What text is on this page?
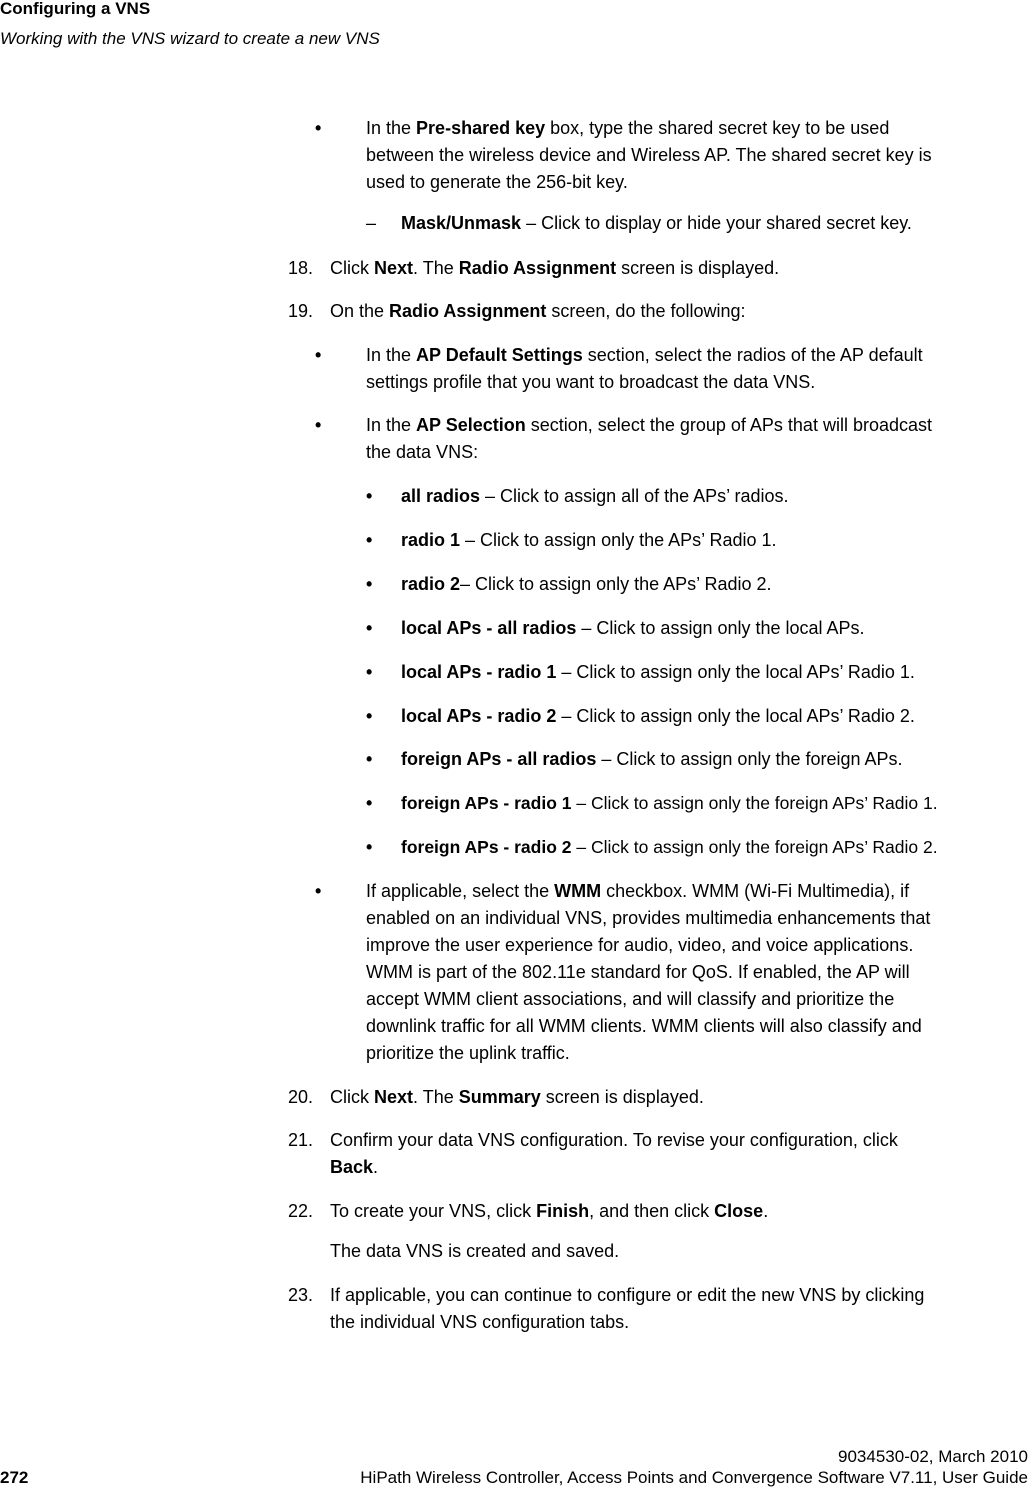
Configuring a VNS
Working with the VNS wizard to create a new VNS
• In the Pre-shared key box, type the shared secret key to be used
between the wireless device and Wireless AP. The shared secret key is
used to generate the 256-bit key.
– Mask/Unmask – Click to display or hide your shared secret key.
18. Click Next. The Radio Assignment screen is displayed.
19. On the Radio Assignment screen, do the following:
• In the AP Default Settings section, select the radios of the AP default
settings profile that you want to broadcast the data VNS.
• In the AP Selection section, select the group of APs that will broadcast
the data VNS:
• all radios – Click to assign all of the APs’ radios.
• radio 1 – Click to assign only the APs’ Radio 1.
• radio 2– Click to assign only the APs’ Radio 2.
• local APs - all radios – Click to assign only the local APs.
• local APs - radio 1 – Click to assign only the local APs’ Radio 1.
• local APs - radio 2 – Click to assign only the local APs’ Radio 2.
• foreign APs - all radios – Click to assign only the foreign APs.
• foreign APs - radio 1 – Click to assign only the foreign APs’ Radio 1.
• foreign APs - radio 2 – Click to assign only the foreign APs’ Radio 2.
• If applicable, select the WMM checkbox. WMM (Wi-Fi Multimedia), if
enabled on an individual VNS, provides multimedia enhancements that
improve the user experience for audio, video, and voice applications.
WMM is part of the 802.11e standard for QoS. If enabled, the AP will
accept WMM client associations, and will classify and prioritize the
downlink traffic for all WMM clients. WMM clients will also classify and
prioritize the uplink traffic.
20. Click Next. The Summary screen is displayed.
21. Confirm your data VNS configuration. To revise your configuration, click
Back.
22. To create your VNS, click Finish, and then click Close.
The data VNS is created and saved.
23. If applicable, you can continue to configure or edit the new VNS by clicking
the individual VNS configuration tabs.
9034530-02, March 2010
272	HiPath Wireless Controller, Access Points and Convergence Software V7.11, User Guide
